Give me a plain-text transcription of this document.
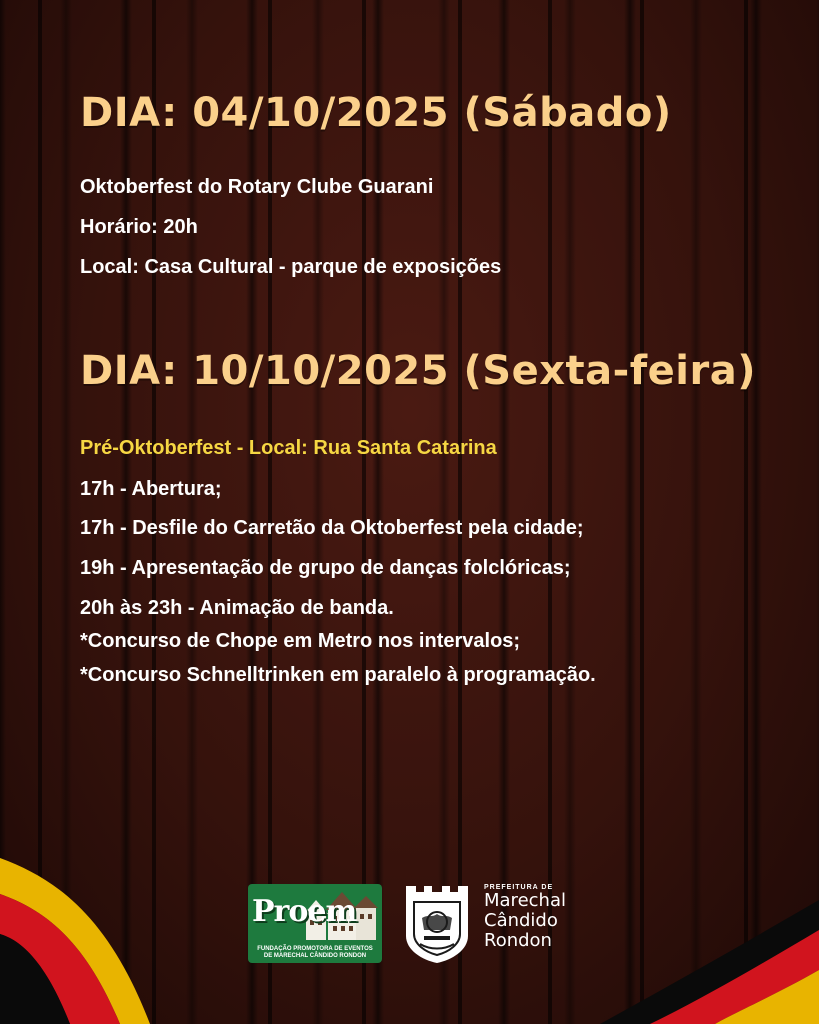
DIA: 04/10/2025 (Sábado)

Oktoberfest do Rotary Clube Guarani

Horário: 20h

Local: Casa Cultural - parque de exposições

DIA: 10/10/2025 (Sexta-feira)

Pré-Oktoberfest - Local: Rua Santa Catarina

17h - Abertura;

17h - Desfile do Carretão da Oktoberfest pela cidade;

19h - Apresentação de grupo de danças folclóricas;

20h às 23h - Animação de banda.

*Concurso de Chope em Metro nos intervalos;

*Concurso Schnelltrinken em paralelo à programação.

Proem
FUNDAÇÃO PROMOTORA DE EVENTOS
DE MARECHAL CÂNDIDO RONDON
PREFEITURA DE
Marechal
Cândido
Rondon
